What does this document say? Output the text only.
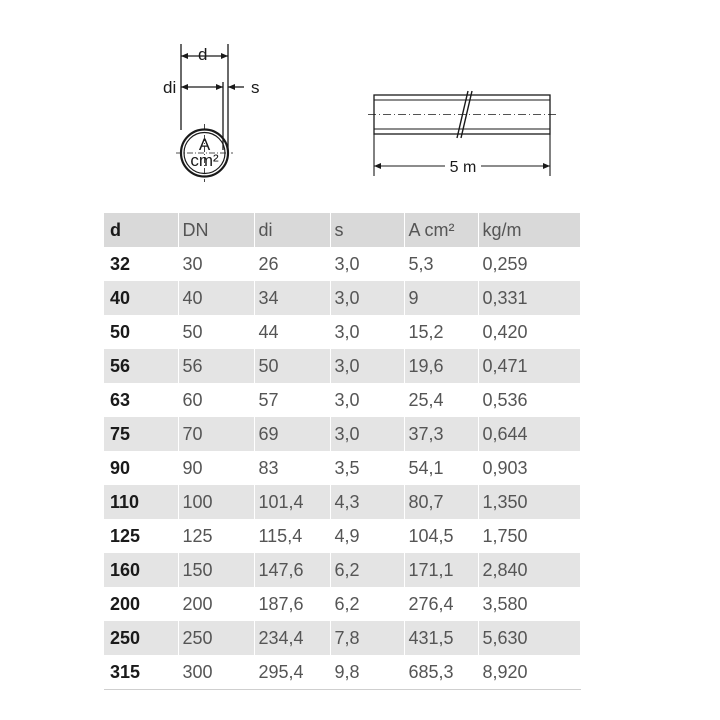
d
di	s
A
cm²	5 m
d	DN	di	s	A cm²	kg/m
32	30	26	3,0	5,3	0,259
40	40	34	3,0	9	0,331
50	50	44	3,0	15,2	0,420
56	56	50	3,0	19,6	0,471
63	60	57	3,0	25,4	0,536
75	70	69	3,0	37,3	0,644
90	90	83	3,5	54,1	0,903
110	100	101,4	4,3	80,7	1,350
125	125	115,4	4,9	104,5	1,750
160	150	147,6	6,2	171,1	2,840
200	200	187,6	6,2	276,4	3,580
250	250	234,4	7,8	431,5	5,630
315	300	295,4	9,8	685,3	8,920
